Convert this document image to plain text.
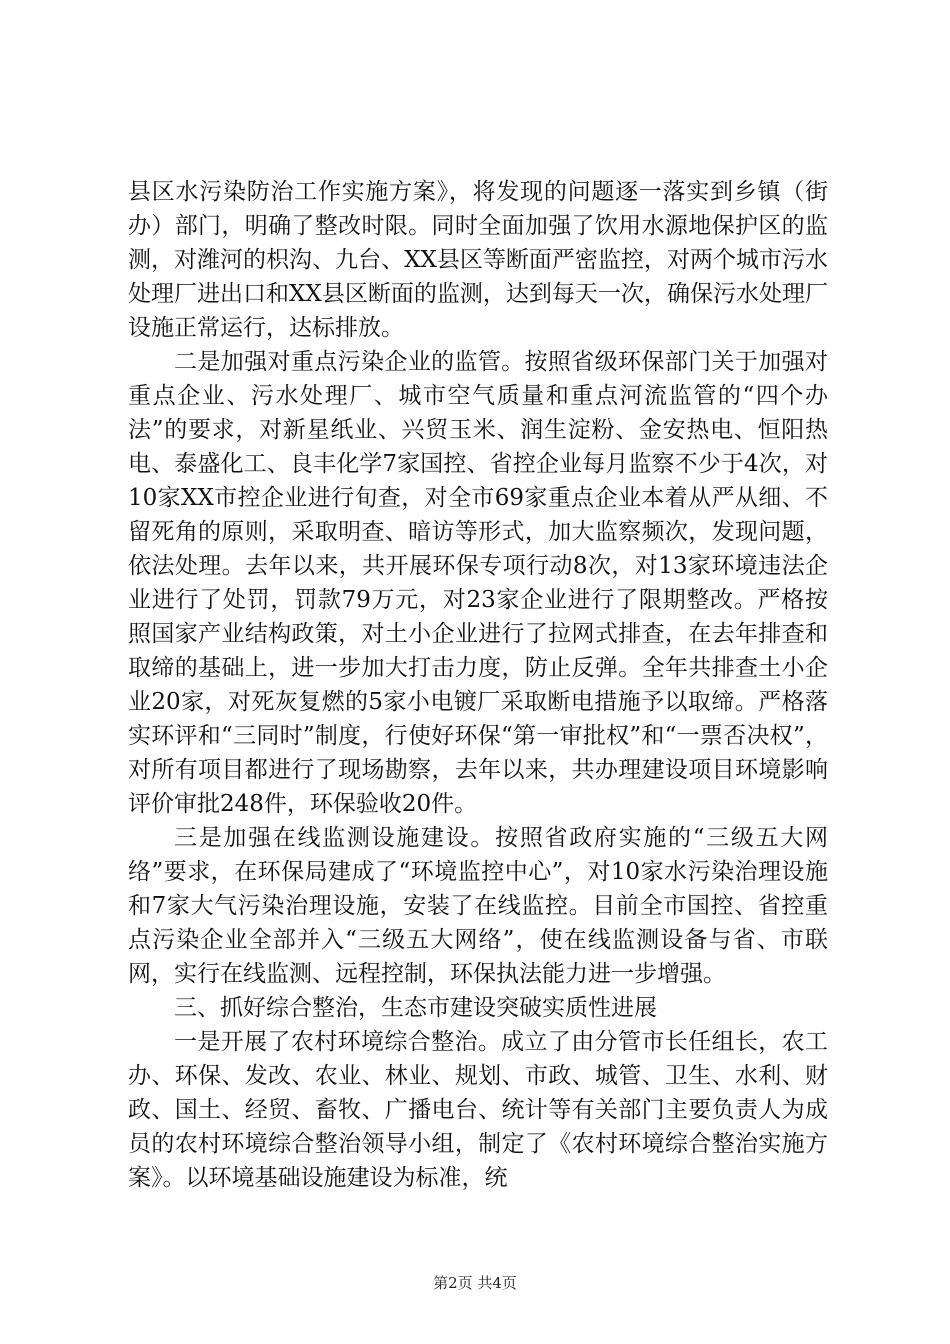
县区水污染防治工作实施方案》，将发现的问题逐一落实到乡镇（街办）部门，明确了整改时限。同时全面加强了饮用水源地保护区的监测，对潍河的枳沟、九台、XX县区等断面严密监控，对两个城市污水处理厂进出口和XX县区断面的监测，达到每天一次，确保污水处理厂设施正常运行，达标排放。

二是加强对重点污染企业的监管。按照省级环保部门关于加强对重点企业、污水处理厂、城市空气质量和重点河流监管的“四个办法”的要求，对新星纸业、兴贸玉米、润生淀粉、金安热电、恒阳热电、泰盛化工、良丰化学7家国控、省控企业每月监察不少于4次，对10家XX市控企业进行旬查，对全市69家重点企业本着从严从细、不留死角的原则，采取明查、暗访等形式，加大监察频次，发现问题，依法处理。去年以来，共开展环保专项行动8次，对13家环境违法企业进行了处罚，罚款79万元，对23家企业进行了限期整改。严格按照国家产业结构政策，对土小企业进行了拉网式排查，在去年排查和取缔的基础上，进一步加大打击力度，防止反弹。全年共排查土小企业20家，对死灰复燃的5家小电镀厂采取断电措施予以取缔。严格落实环评和“三同时”制度，行使好环保“第一审批权”和“一票否决权”，对所有项目都进行了现场勘察，去年以来，共办理建设项目环境影响评价审批248件，环保验收20件。

三是加强在线监测设施建设。按照省政府实施的“三级五大网络”要求，在环保局建成了“环境监控中心”，对10家水污染治理设施和7家大气污染治理设施，安装了在线监控。目前全市国控、省控重点污染企业全部并入“三级五大网络”，使在线监测设备与省、市联网，实行在线监测、远程控制，环保执法能力进一步增强。

三、抓好综合整治，生态市建设突破实质性进展

一是开展了农村环境综合整治。成立了由分管市长任组长，农工办、环保、发改、农业、林业、规划、市政、城管、卫生、水利、财政、国土、经贸、畜牧、广播电台、统计等有关部门主要负责人为成员的农村环境综合整治领导小组，制定了《农村环境综合整治实施方案》。以环境基础设施建设为标准，统

第2页 共4页
